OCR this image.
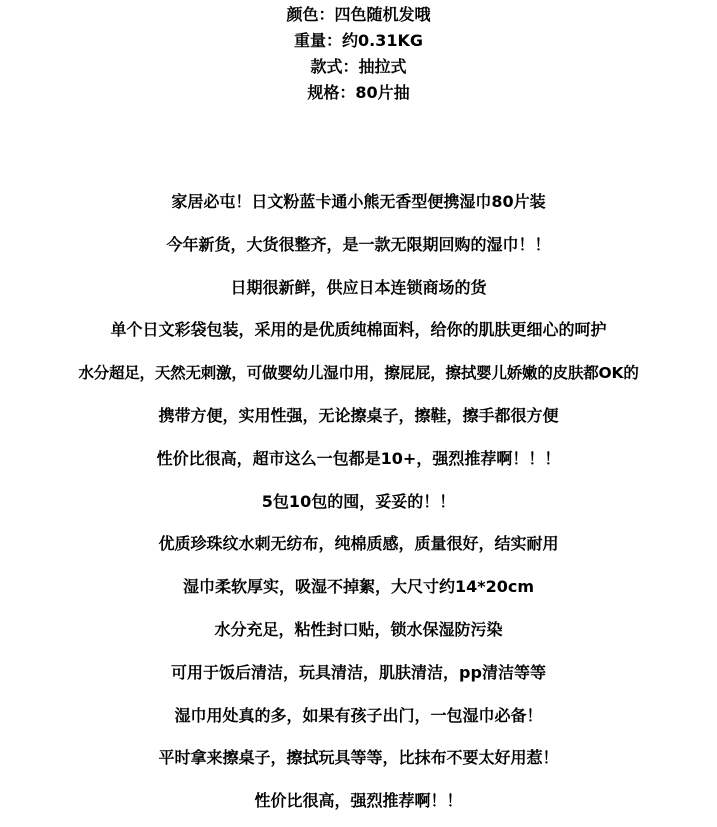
颜色：四色随机发哦
重量：约0.31KG
款式：抽拉式
规格：80片抽
家居必屯！日文粉蓝卡通小熊无香型便携湿巾80片装
今年新货，大货很整齐，是一款无限期回购的湿巾！！
日期很新鲜，供应日本连锁商场的货
单个日文彩袋包装，采用的是优质纯棉面料，给你的肌肤更细心的呵护
水分超足，天然无刺激，可做婴幼儿湿巾用，擦屁屁，擦拭婴儿娇嫩的皮肤都OK的
携带方便，实用性强，无论擦桌子，擦鞋，擦手都很方便
性价比很高，超市这么一包都是10+，强烈推荐啊！！！
5包10包的囤，妥妥的！！
优质珍珠纹水刺无纺布，纯棉质感，质量很好，结实耐用
湿巾柔软厚实，吸湿不掉絮，大尺寸约14*20cm
水分充足，粘性封口贴，锁水保湿防污染
可用于饭后清洁，玩具清洁，肌肤清洁，pp清洁等等
湿巾用处真的多，如果有孩子出门，一包湿巾必备！
平时拿来擦桌子，擦拭玩具等等，比抹布不要太好用惹！
性价比很高，强烈推荐啊！！
